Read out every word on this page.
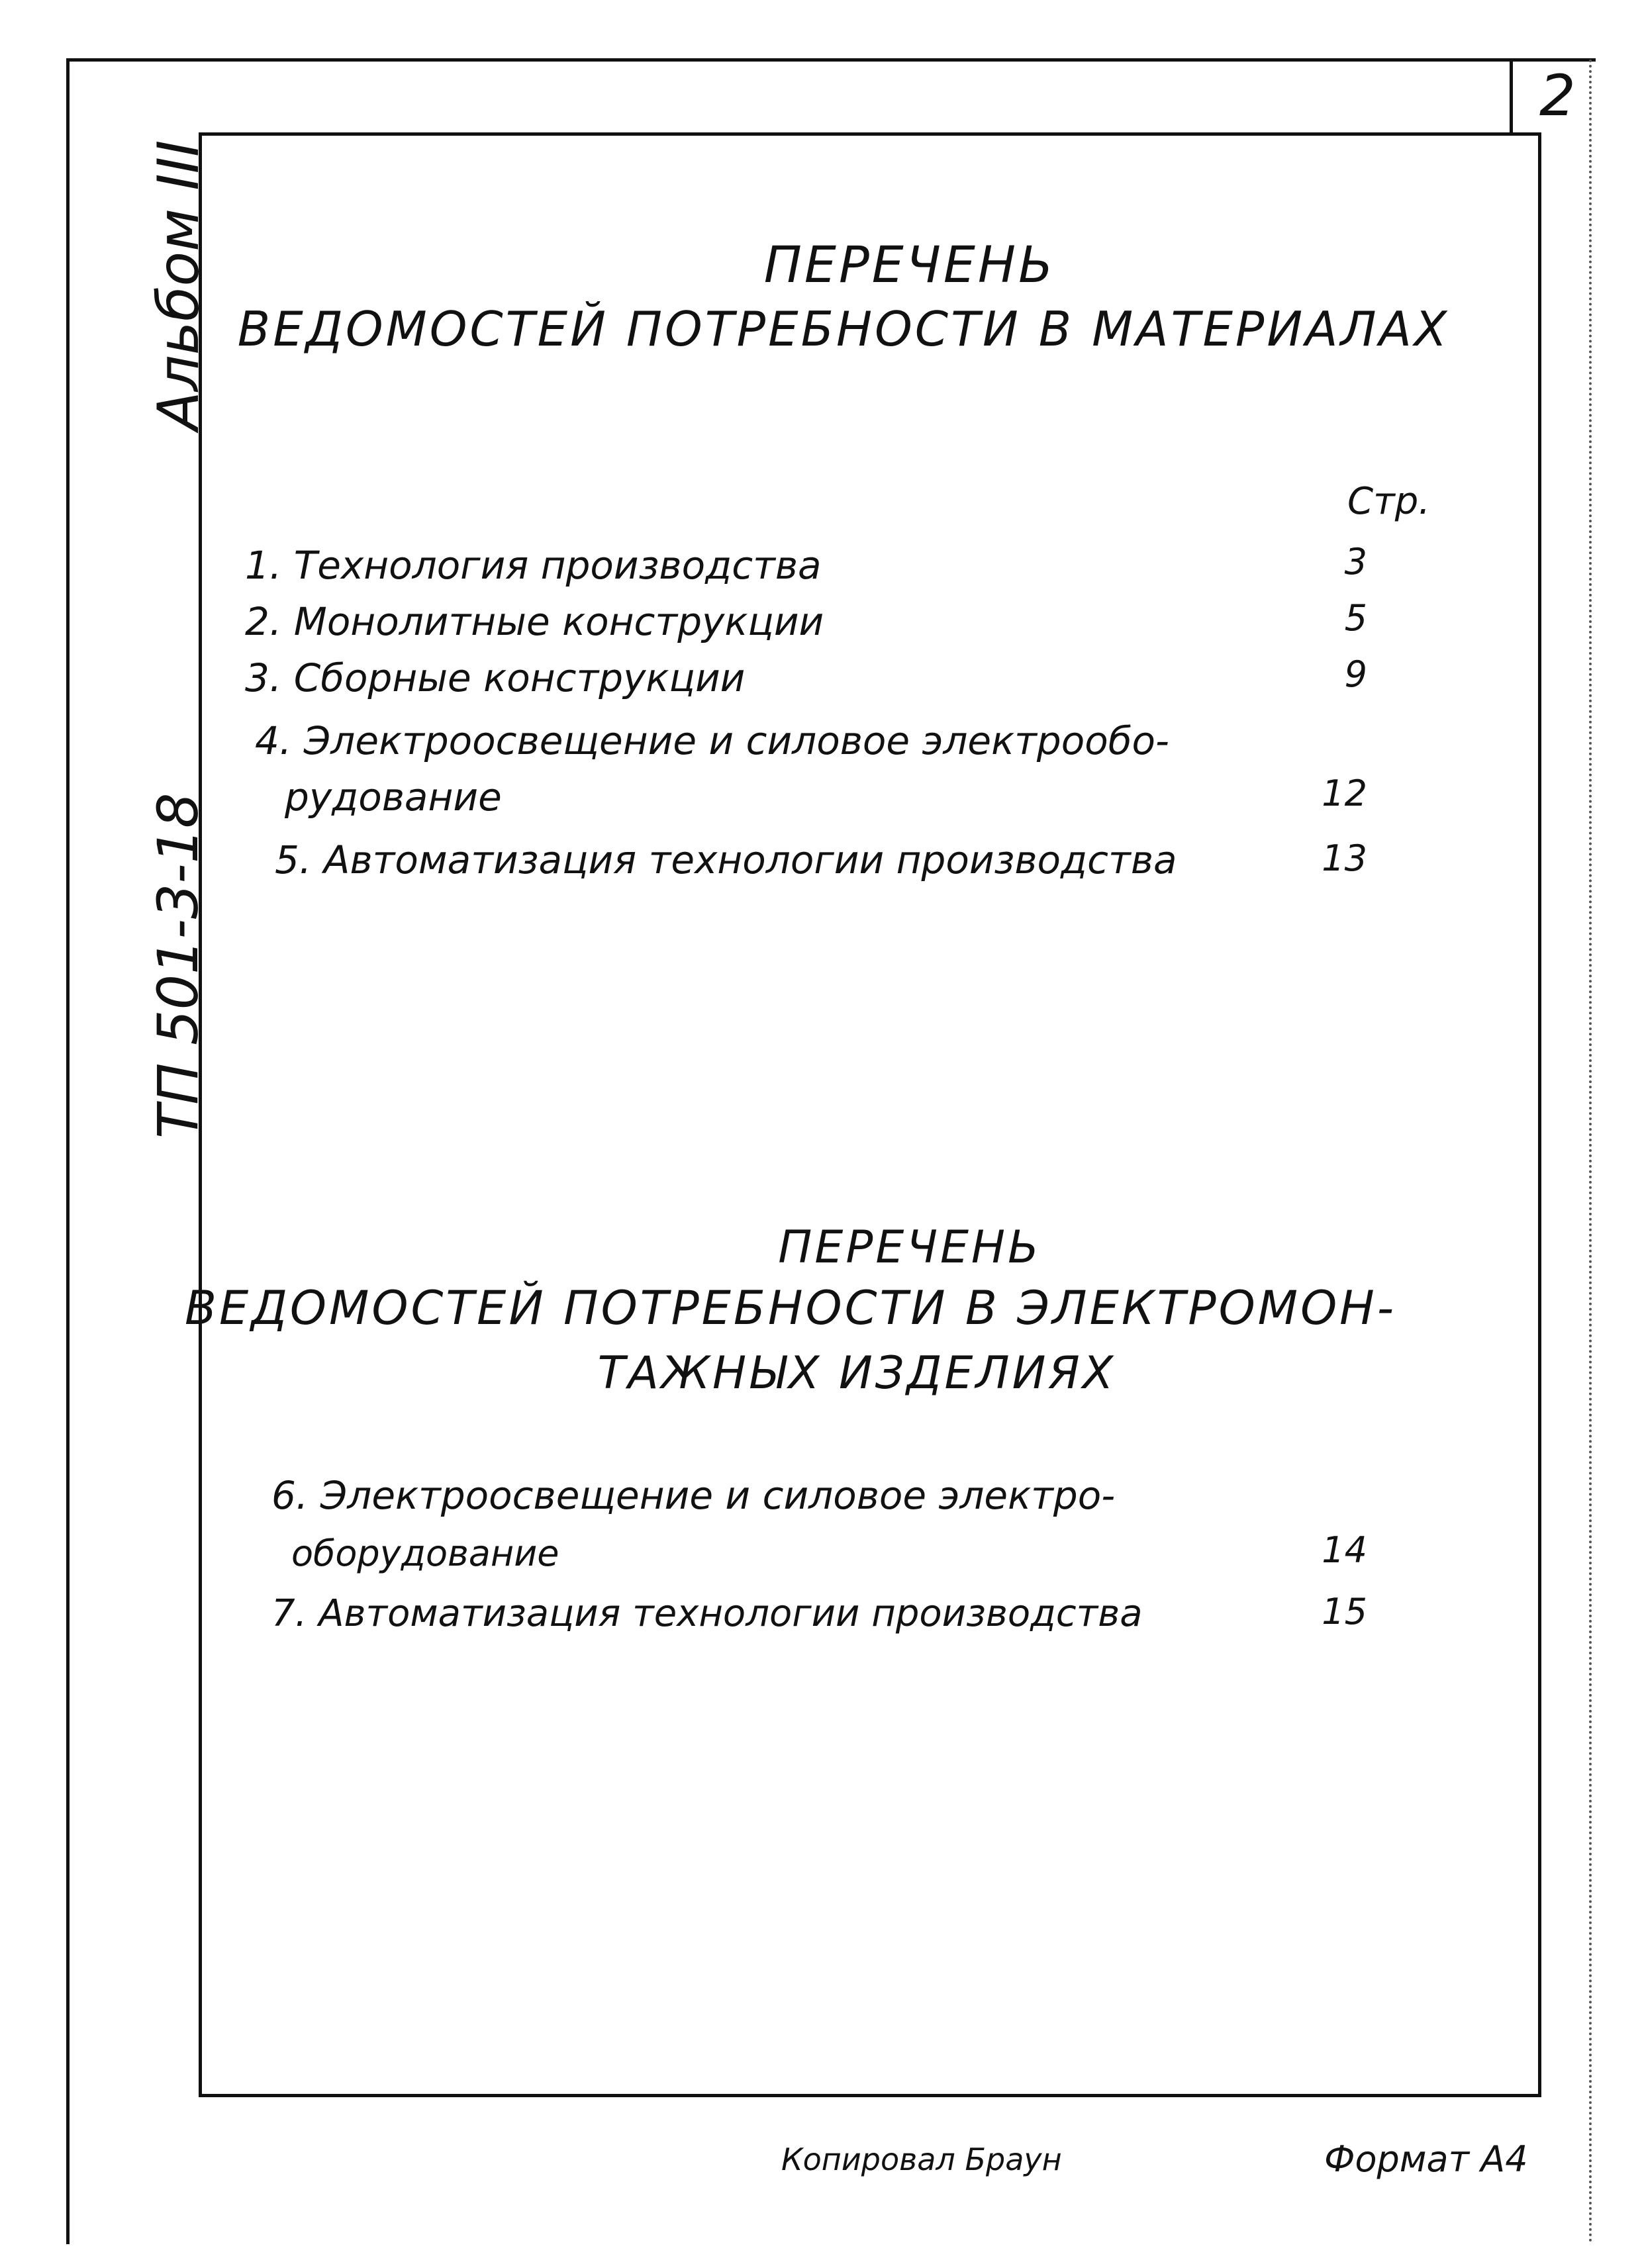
2
Альбом III
ТП 501-3-18
ПЕРЕЧЕНЬ
ВЕДОМОСТЕЙ ПОТРЕБНОСТИ В МАТЕРИАЛАХ
Стр.
1. Технология производства	3
2. Монолитные конструкции	5
3. Сборные конструкции	9
4. Электроосвещение и силовое электрообо-
рудование	12
5. Автоматизация технологии производства	13
ПЕРЕЧЕНЬ
ВЕДОМОСТЕЙ ПОТРЕБНОСТИ В ЭЛЕКТРОМОН-
ТАЖНЫХ ИЗДЕЛИЯХ
6. Электроосвещение и силовое электро-
оборудование	14
7. Автоматизация технологии производства	15
Копировал Браун	Формат А4
